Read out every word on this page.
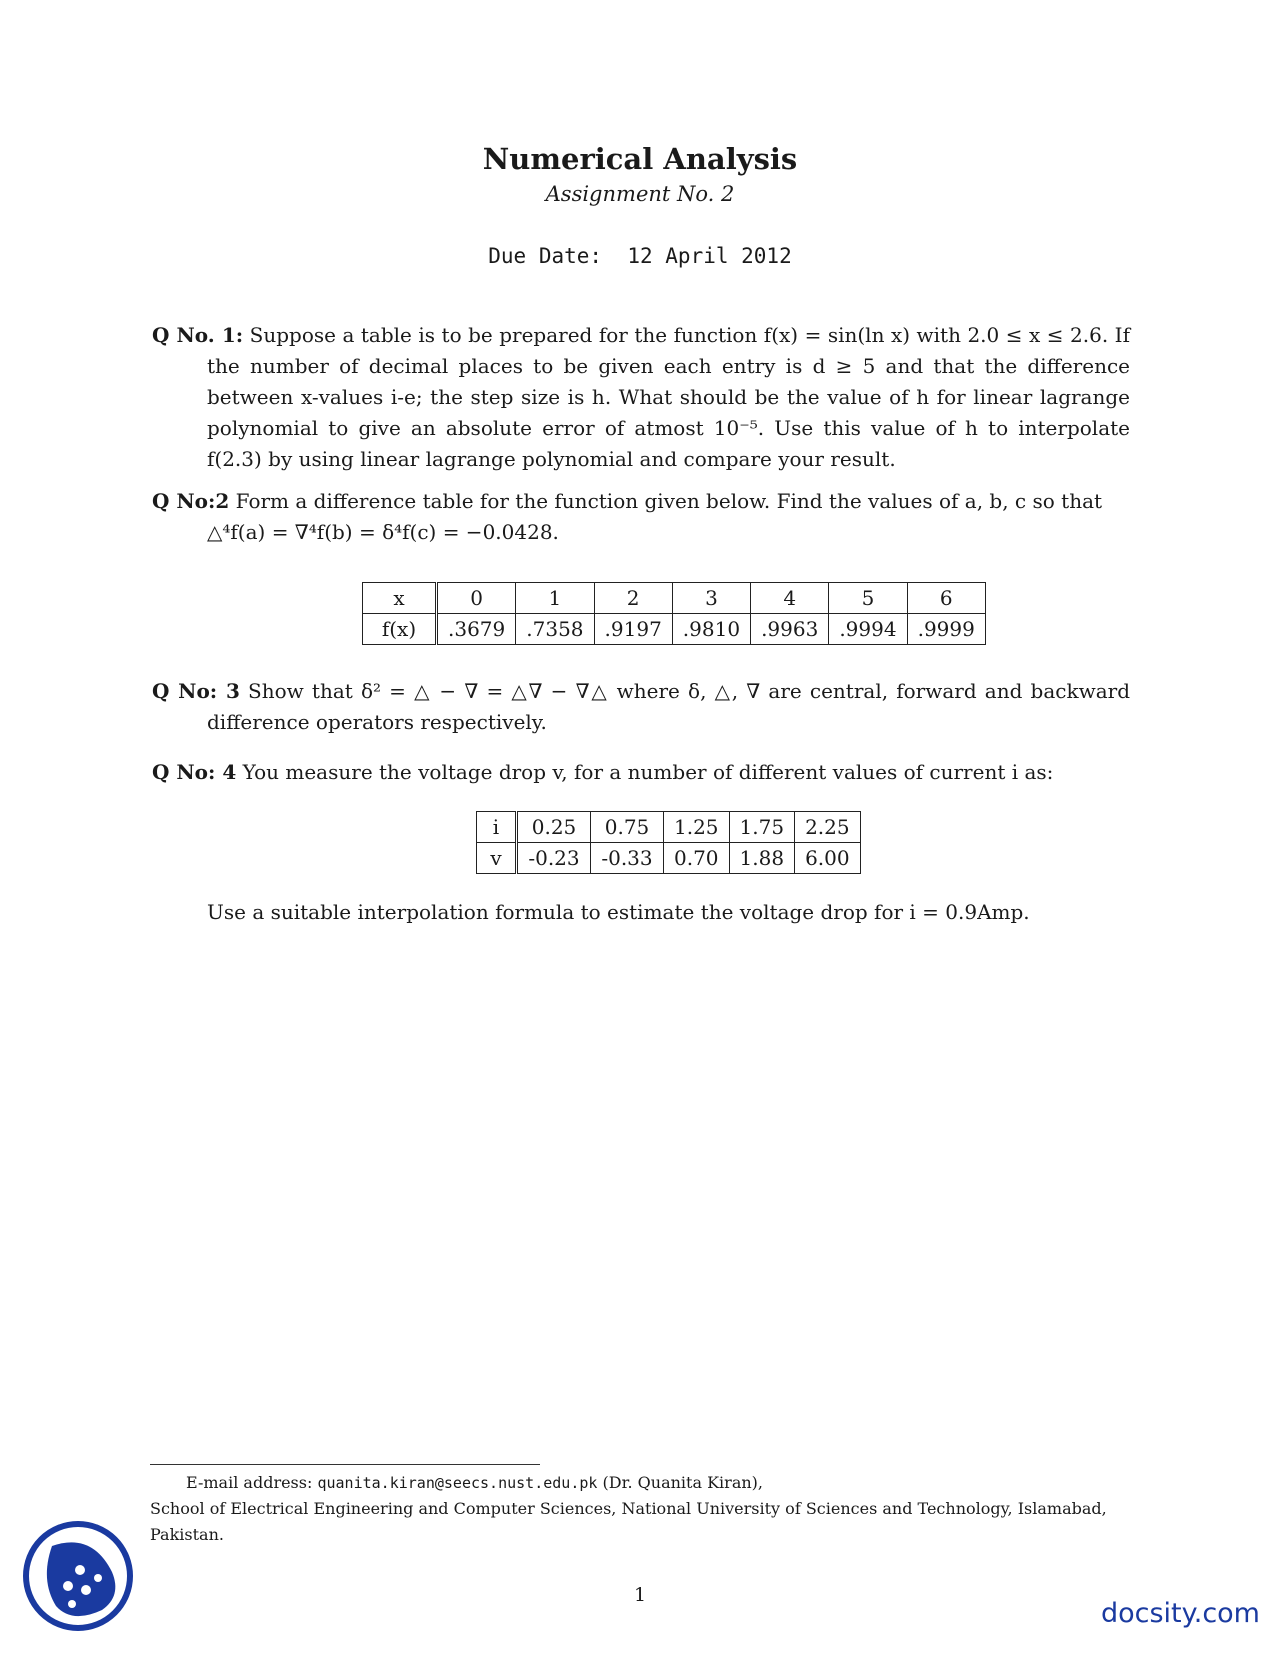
Numerical Analysis
Assignment No. 2
Due Date: 12 April 2012

Q No. 1: Suppose a table is to be prepared for the function f(x) = sin(ln x) with 2.0 ≤ x ≤ 2.6. If the number of decimal places to be given each entry is d ≥ 5 and that the difference between x-values i-e; the step size is h. What should be the value of h for linear lagrange polynomial to give an absolute error of atmost 10⁻⁵. Use this value of h to interpolate f(2.3) by using linear lagrange polynomial and compare your result.

Q No:2 Form a difference table for the function given below. Find the values of a, b, c so that

△⁴f(a) = ∇⁴f(b) = δ⁴f(c) = −0.0428.
x	0	1	2	3	4	5	6
f(x)	.3679	.7358	.9197	.9810	.9963	.9994	.9999

Q No: 3 Show that δ² = △ − ∇ = △∇ − ∇△ where δ, △, ∇ are central, forward and backward difference operators respectively.

Q No: 4 You measure the voltage drop v, for a number of different values of current i as:

i	0.25	0.75	1.25	1.75	2.25
v	-0.23	-0.33	0.70	1.88	6.00
Use a suitable interpolation formula to estimate the voltage drop for i = 0.9Amp.
E-mail address: quanita.kiran@seecs.nust.edu.pk (Dr. Quanita Kiran),
School of Electrical Engineering and Computer Sciences, National University of Sciences and Technology, Islamabad, Pakistan.
1
docsity.com
